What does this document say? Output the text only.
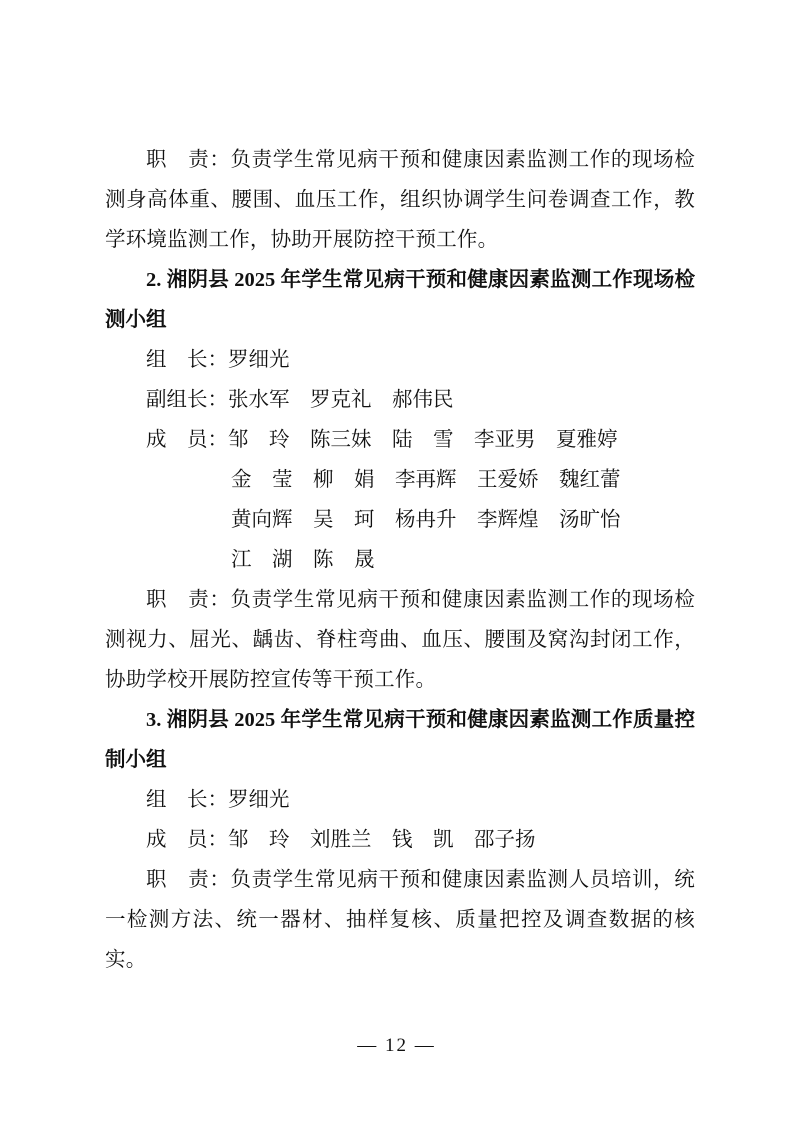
职　责：负责学生常见病干预和健康因素监测工作的现场检测身高体重、腰围、血压工作，组织协调学生问卷调查工作，教学环境监测工作，协助开展防控干预工作。

2. 湘阴县 2025 年学生常见病干预和健康因素监测工作现场检测小组

组　长：罗细光

副组长：张水军　罗克礼　郝伟民

成　员：邹　玲　陈三妹　陆　雪　李亚男　夏雅婷

金　莹　柳　娟　李再辉　王爱娇　魏红蕾

黄向辉　吴　珂　杨冉升　李辉煌　汤旷怡

江　湖　陈　晟

职　责：负责学生常见病干预和健康因素监测工作的现场检测视力、屈光、龋齿、脊柱弯曲、血压、腰围及窝沟封闭工作，协助学校开展防控宣传等干预工作。

3. 湘阴县 2025 年学生常见病干预和健康因素监测工作质量控制小组

组　长：罗细光

成　员：邹　玲　刘胜兰　钱　凯　邵子扬

职　责：负责学生常见病干预和健康因素监测人员培训，统一检测方法、统一器材、抽样复核、质量把控及调查数据的核实。

— 12 —
